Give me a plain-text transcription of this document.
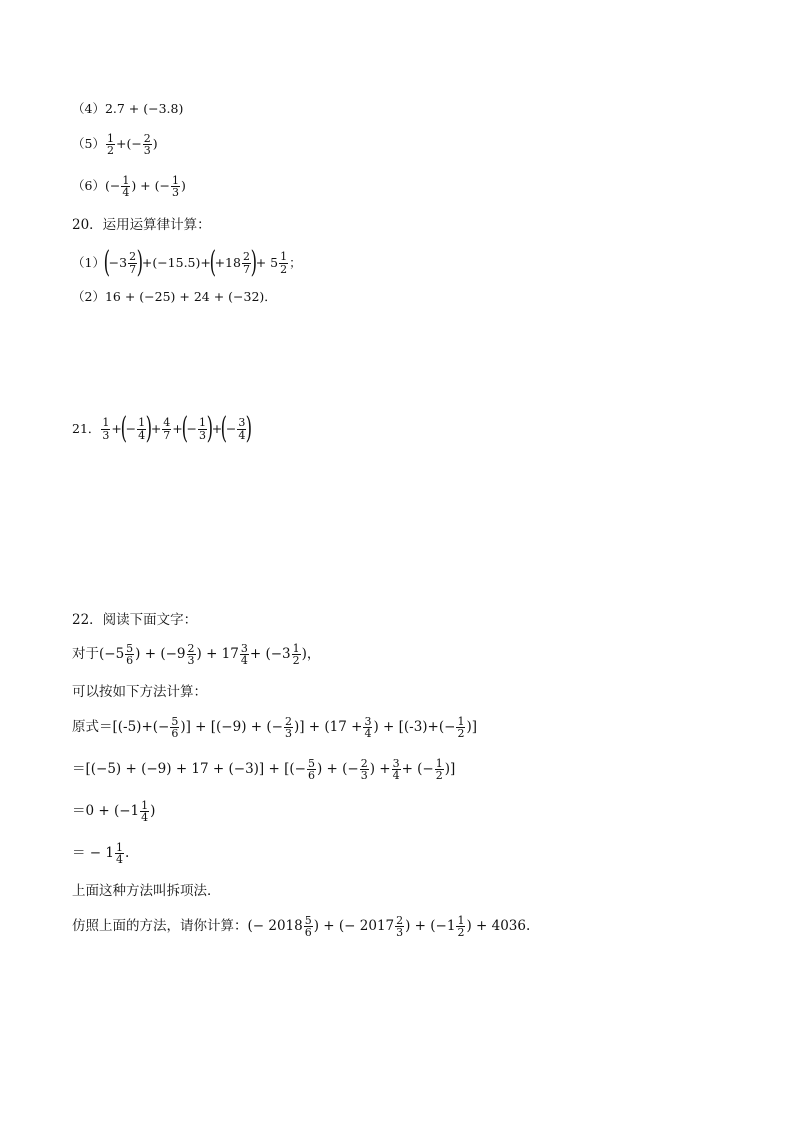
（4） 2.7 + (−3.8)
$(5) \frac{1}{2}$ + (− $\frac{2}{3}$ )
（6） (− $\frac{1}{4}$ ) + (− $\frac{1}{3}$ )
20．运用运算律计算：
（1）
(
$-3 \frac{2}{7}$ )
+ (−15.5) +
(
$+18 \frac{2}{7}$ )
+ $5 \frac{1}{2}$ ；
（2） 16 + (−25) + 24 + (−32) ．
21． $\frac{1}{3}$ +
(
− $\frac{1}{4}$ )
+ $\frac{4}{7}$ +
(
− $\frac{1}{3}$ )
+
(
− $\frac{3}{4}$ )
22．阅读下面文字：
对于 ($-5 \frac{5}{6}$ ) + ($-9 \frac{2}{3}$ ) + $17 \frac{3}{4} + (-3 \frac{1}{2}$ )，
可以按如下方法计算：
原式$=[(-5)+(- \frac{5}{6}$ )] + [(−9) + (− $\frac{2}{3}$ )] + ($17 + \frac{3}{4}$ ) + [$(-3)+(- \frac{1}{2}$ )]
＝[(−5) + (−9) + 17 + (−3)] + [(− $\frac{5}{6}$ ) + (− $\frac{2}{3}$ ) + $\frac{3}{4}$ + (− $\frac{1}{2}$ )]
$=0 + (-1 \frac{1}{4}$ )
＝ − $1 \frac{1}{4}$ .
上面这种方法叫拆项法．
仿照上面的方法，请你计算：(− $2018 \frac{5}{6}$ ) + (− $2017 \frac{2}{3}$ ) + ($-1 \frac{1}{2}$ ) + 4036.
